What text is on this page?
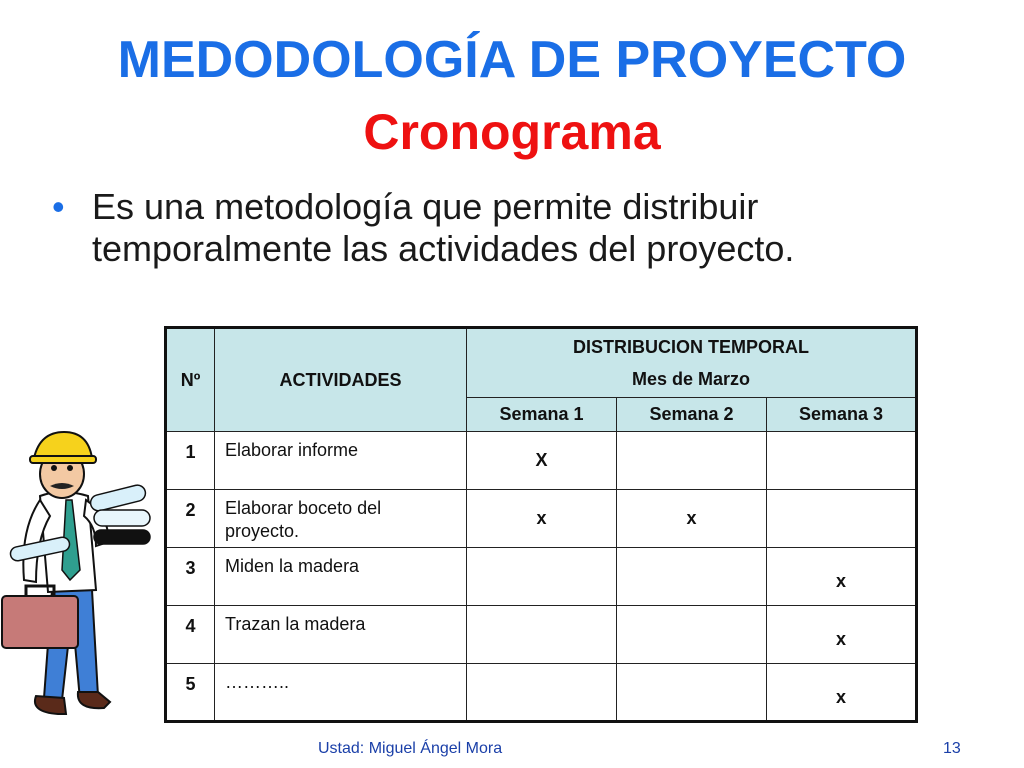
MEDODOLOGÍA DE PROYECTO
Cronograma
• Es una metodología que permite distribuir temporalmente las actividades del proyecto.
Nº	ACTIVIDADES	DISTRIBUCION TEMPORAL
Mes de Marzo		

		Semana 1	Semana 2	Semana 3
1	Elaborar informe	X		
2	Elaborar boceto del proyecto.	x	x	
3	Miden la madera			x
4	Trazan la madera			x
5	………..			x
Ustad: Miguel Ángel Mora	13
